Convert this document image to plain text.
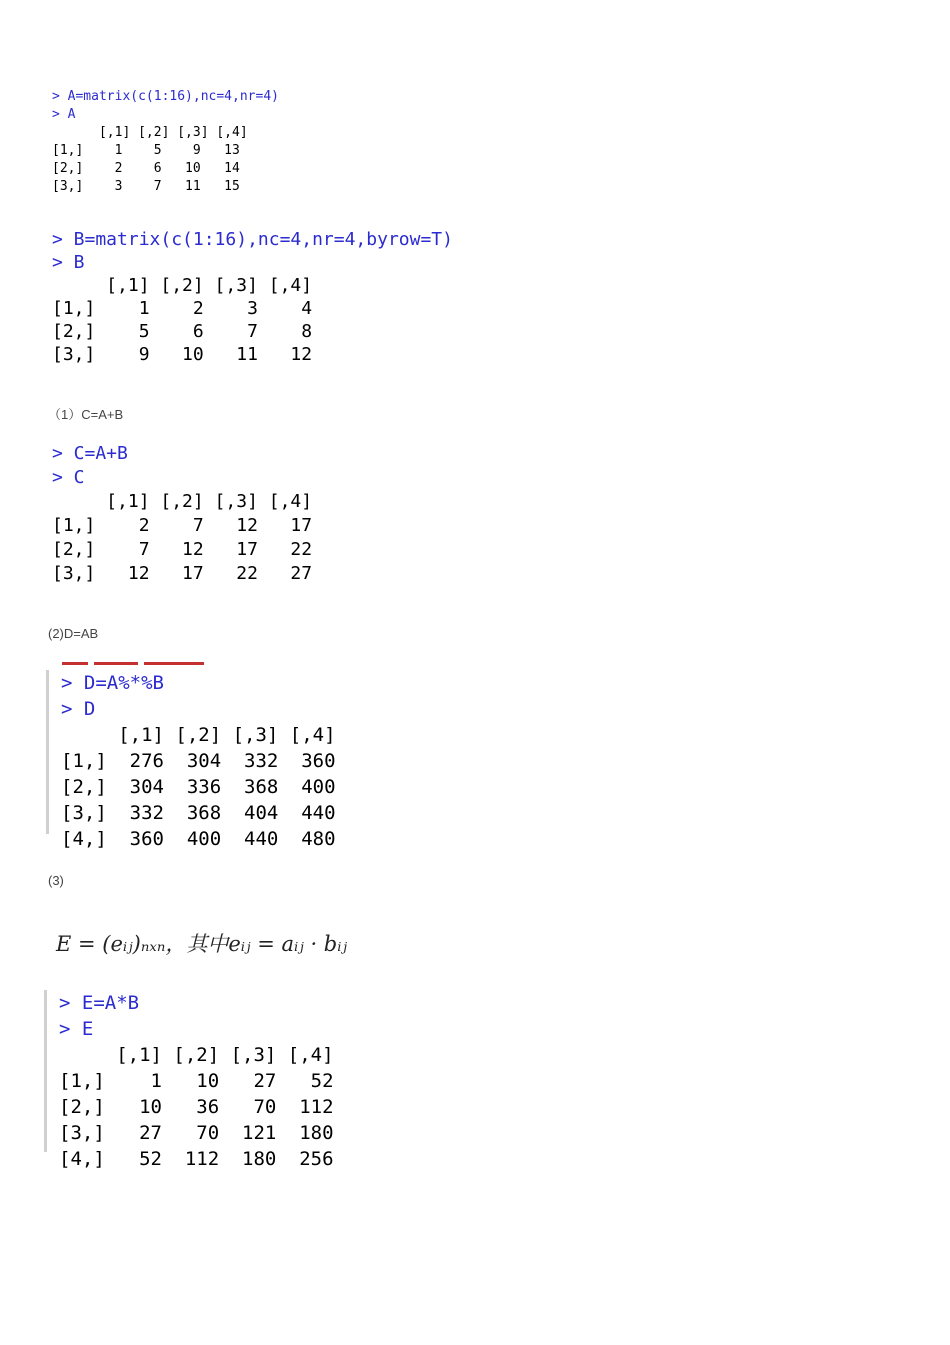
> A=matrix(c(1:16),nc=4,nr=4)
> A
[,1] [,2] [,3] [,4]
[1,]    1    5    9   13
[2,]    2    6   10   14
[3,]    3    7   11   15
> B=matrix(c(1:16),nc=4,nr=4,byrow=T)
> B
[,1] [,2] [,3] [,4]
[1,]    1    2    3    4
[2,]    5    6    7    8
[3,]    9   10   11   12
（1）C=A+B
> C=A+B
> C
[,1] [,2] [,3] [,4]
[1,]    2    7   12   17
[2,]    7   12   17   22
[3,]   12   17   22   27
(2)D=AB
> D=A%*%B
> D
[,1] [,2] [,3] [,4]
[1,]  276  304  332  360
[2,]  304  336  368  400
[3,]  332  368  404  440
[4,]  360  400  440  480
(3)
E = (eᵢⱼ)ₙₓₙ，其中eᵢⱼ = aᵢⱼ · bᵢⱼ
> E=A*B
> E
[,1] [,2] [,3] [,4]
[1,]    1   10   27   52
[2,]   10   36   70  112
[3,]   27   70  121  180
[4,]   52  112  180  256
